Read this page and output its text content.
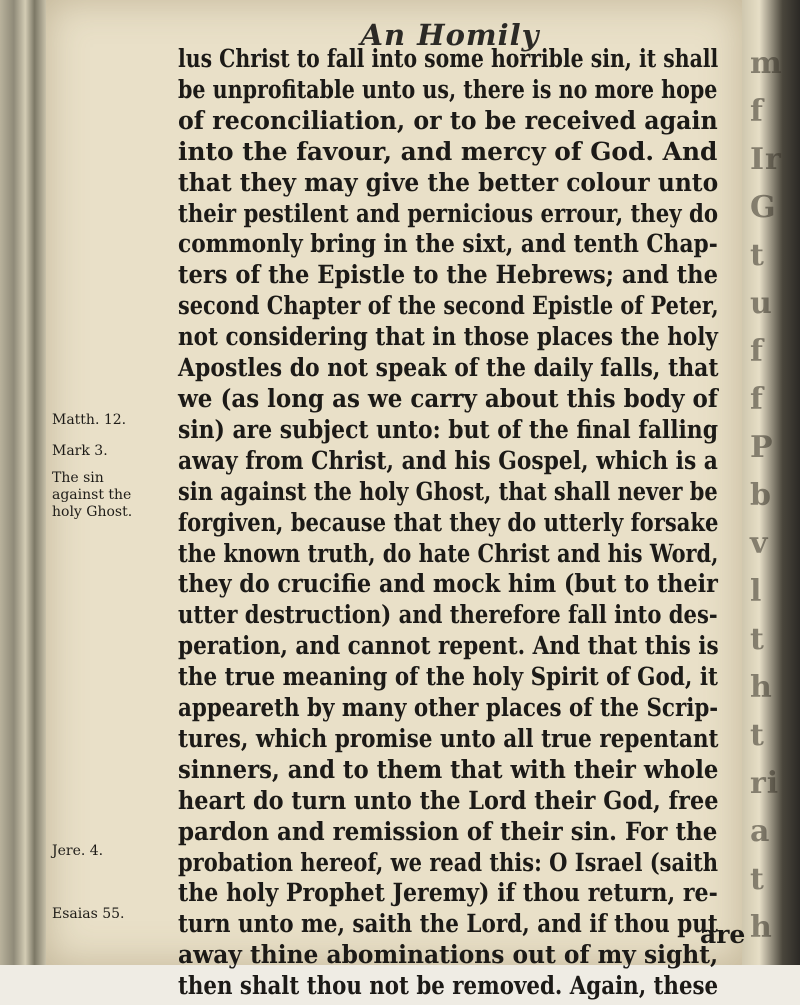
m
f
Ir
G
t
u
f
f
P
b
v
l
t
h
t
ri
a
t
h
An Homily
lus Christ to fall into some horrible sin, it shall
be unprofitable unto us, there is no more hope
of reconciliation, or to be received again
into the favour, and mercy of God. And
that they may give the better colour unto
their pestilent and pernicious errour, they do
commonly bring in the sixt, and tenth Chap-
ters of the Epistle to the Hebrews; and the
second Chapter of the second Epistle of Peter,
not considering that in those places the holy
Apostles do not speak of the daily falls, that
we (as long as we carry about this body of
sin) are subject unto: but of the final falling
away from Christ, and his Gospel, which is a
sin against the holy Ghost, that shall never be
forgiven, because that they do utterly forsake
the known truth, do hate Christ and his Word,
they do crucifie and mock him (but to their
utter destruction) and therefore fall into des-
peration, and cannot repent. And that this is
the true meaning of the holy Spirit of God, it
appeareth by many other places of the Scrip-
tures, which promise unto all true repentant
sinners, and to them that with their whole
heart do turn unto the Lord their God, free
pardon and remission of their sin. For the
probation hereof, we read this: O Israel (saith
the holy Prophet Jeremy) if thou return, re-
turn unto me, saith the Lord, and if thou put
away thine abominations out of my sight,
then shalt thou not be removed. Again, these
are
Matth. 12.
Mark 3.
The sin
against the
holy Ghost.
Jere. 4.
Esaias 55.
